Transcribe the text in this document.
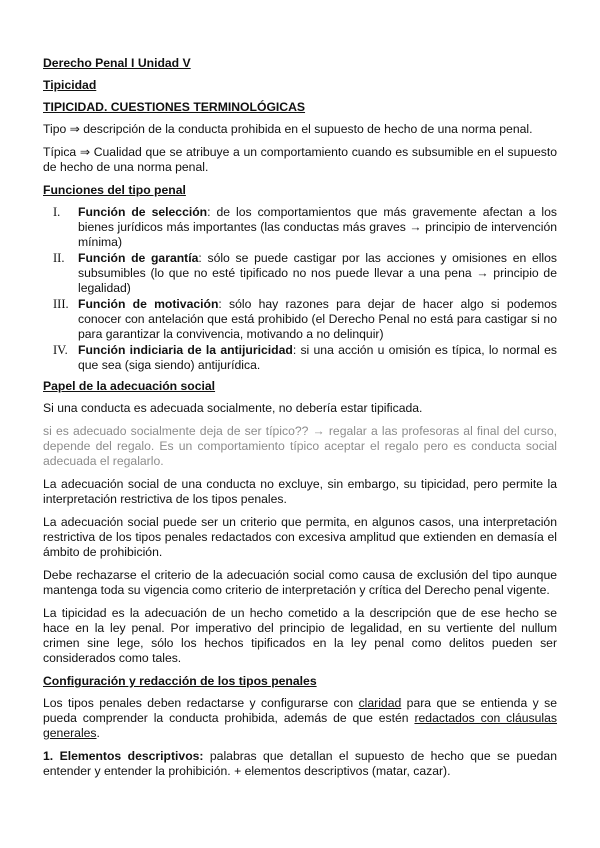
Derecho Penal I Unidad V
Tipicidad
TIPICIDAD. CUESTIONES TERMINOLÓGICAS

Tipo ⇒ descripción de la conducta prohibida en el supuesto de hecho de una norma penal.

Típica ⇒ Cualidad que se atribuye a un comportamiento cuando es subsumible en el supuesto de hecho de una norma penal.

Funciones del tipo penal
I. Función de selección: de los comportamientos que más gravemente afectan a los bienes jurídicos más importantes (las conductas más graves → principio de intervención mínima)
II. Función de garantía: sólo se puede castigar por las acciones y omisiones en ellos subsumibles (lo que no esté tipificado no nos puede llevar a una pena → principio de legalidad)
III. Función de motivación: sólo hay razones para dejar de hacer algo si podemos conocer con antelación que está prohibido (el Derecho Penal no está para castigar si no para garantizar la convivencia, motivando a no delinquir)
IV. Función indiciaria de la antijuricidad: si una acción u omisión es típica, lo normal es que sea (siga siendo) antijurídica.
Papel de la adecuación social

Si una conducta es adecuada socialmente, no debería estar tipificada.

si es adecuado socialmente deja de ser típico?? → regalar a las profesoras al final del curso, depende del regalo. Es un comportamiento típico aceptar el regalo pero es conducta social adecuada el regalarlo.

La adecuación social de una conducta no excluye, sin embargo, su tipicidad, pero permite la interpretación restrictiva de los tipos penales.

La adecuación social puede ser un criterio que permita, en algunos casos, una interpretación restrictiva de los tipos penales redactados con excesiva amplitud que extienden en demasía el ámbito de prohibición.

Debe rechazarse el criterio de la adecuación social como causa de exclusión del tipo aunque mantenga toda su vigencia como criterio de interpretación y crítica del Derecho penal vigente.

La tipicidad es la adecuación de un hecho cometido a la descripción que de ese hecho se hace en la ley penal. Por imperativo del principio de legalidad, en su vertiente del nullum crimen sine lege, sólo los hechos tipificados en la ley penal como delitos pueden ser considerados como tales.

Configuración y redacción de los tipos penales

Los tipos penales deben redactarse y configurarse con claridad para que se entienda y se pueda comprender la conducta prohibida, además de que estén redactados con cláusulas generales.

1. Elementos descriptivos: palabras que detallan el supuesto de hecho que se puedan entender y entender la prohibición. + elementos descriptivos (matar, cazar).
